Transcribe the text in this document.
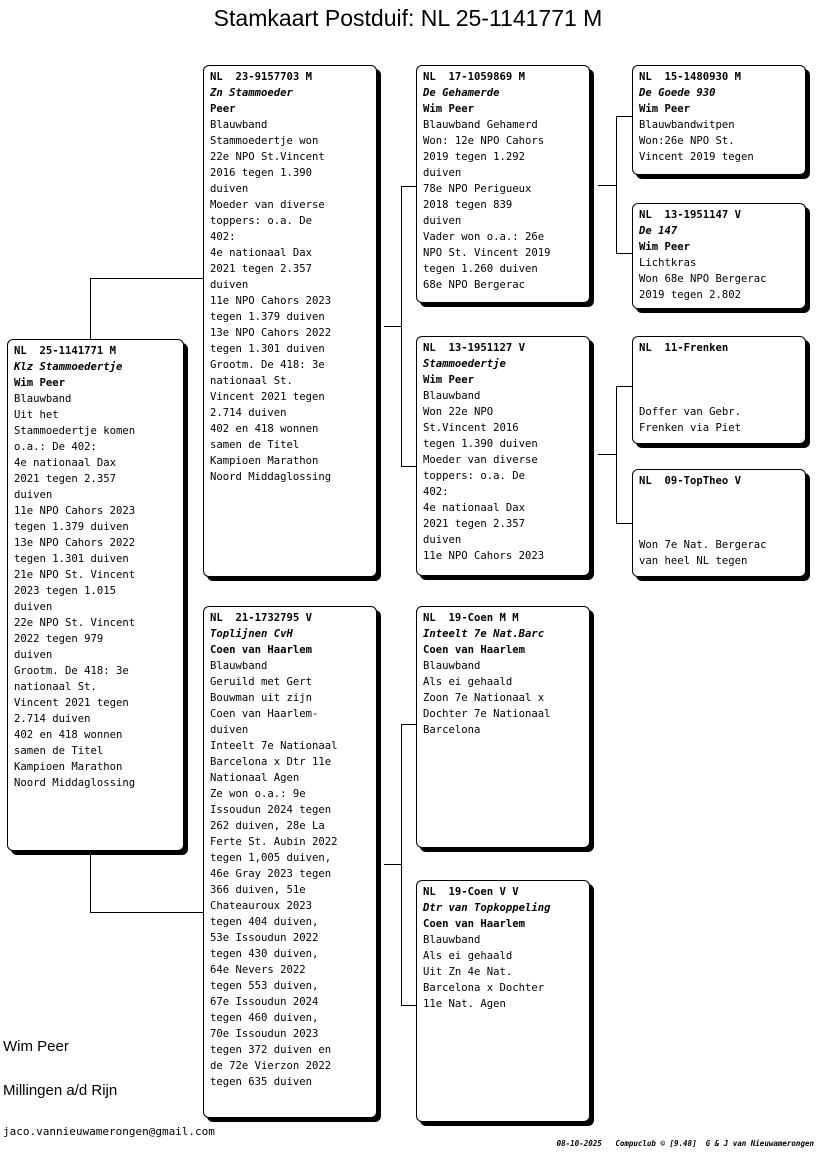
Stamkaart Postduif: NL 25-1141771 M
NL  25-1141771 M
Klz Stammoedertje
Wim Peer
Blauwband
Uit het
Stammoedertje komen
o.a.: De 402:
4e nationaal Dax
2021 tegen 2.357
duiven
11e NPO Cahors 2023
tegen 1.379 duiven
13e NPO Cahors 2022
tegen 1.301 duiven
21e NPO St. Vincent
2023 tegen 1.015
duiven
22e NPO St. Vincent
2022 tegen 979
duiven
Grootm. De 418: 3e
nationaal St.
Vincent 2021 tegen
2.714 duiven
402 en 418 wonnen
samen de Titel
Kampioen Marathon
Noord Middaglossing
NL  23-9157703 M
Zn Stammoeder
Peer
Blauwband
Stammoedertje won
22e NPO St.Vincent
2016 tegen 1.390
duiven
Moeder van diverse
toppers: o.a. De
402:
4e nationaal Dax
2021 tegen 2.357
duiven
11e NPO Cahors 2023
tegen 1.379 duiven
13e NPO Cahors 2022
tegen 1.301 duiven
Grootm. De 418: 3e
nationaal St.
Vincent 2021 tegen
2.714 duiven
402 en 418 wonnen
samen de Titel
Kampioen Marathon
Noord Middaglossing
NL  21-1732795 V
Toplijnen CvH
Coen van Haarlem
Blauwband
Geruild met Gert
Bouwman uit zijn
Coen van Haarlem-
duiven
Inteelt 7e Nationaal
Barcelona x Dtr 11e
Nationaal Agen
Ze won o.a.: 9e
Issoudun 2024 tegen
262 duiven, 28e La
Ferte St. Aubin 2022
tegen 1,005 duiven,
46e Gray 2023 tegen
366 duiven, 51e
Chateauroux 2023
tegen 404 duiven,
53e Issoudun 2022
tegen 430 duiven,
64e Nevers 2022
tegen 553 duiven,
67e Issoudun 2024
tegen 460 duiven,
70e Issoudun 2023
tegen 372 duiven en
de 72e Vierzon 2022
tegen 635 duiven
NL  17-1059869 M
De Gehamerde
Wim Peer
Blauwband Gehamerd
Won: 12e NPO Cahors
2019 tegen 1.292
duiven
78e NPO Perigueux
2018 tegen 839
duiven
Vader won o.a.: 26e
NPO St. Vincent 2019
tegen 1.260 duiven
68e NPO Bergerac
NL  13-1951127 V
Stammoedertje
Wim Peer
Blauwband
Won 22e NPO
St.Vincent 2016
tegen 1.390 duiven
Moeder van diverse
toppers: o.a. De
402:
4e nationaal Dax
2021 tegen 2.357
duiven
11e NPO Cahors 2023
NL  19-Coen M M
Inteelt 7e Nat.Barc
Coen van Haarlem
Blauwband
Als ei gehaald
Zoon 7e Nationaal x
Dochter 7e Nationaal
Barcelona
NL  19-Coen V V
Dtr van Topkoppeling
Coen van Haarlem
Blauwband
Als ei gehaald
Uit Zn 4e Nat.
Barcelona x Dochter
11e Nat. Agen
NL  15-1480930 M
De Goede 930
Wim Peer
Blauwbandwitpen
Won:26e NPO St.
Vincent 2019 tegen
NL  13-1951147 V
De 147
Wim Peer
Lichtkras
Won 68e NPO Bergerac
2019 tegen 2.802
NL  11-Frenken
Doffer van Gebr.
Frenken via Piet
NL  09-TopTheo V
Won 7e Nat. Bergerac
van heel NL tegen
Wim Peer
Millingen a/d Rijn
jaco.vannieuwamerongen@gmail.com
08-10-2025 Compuclub © [9.48] G & J van Nieuwamerongen
